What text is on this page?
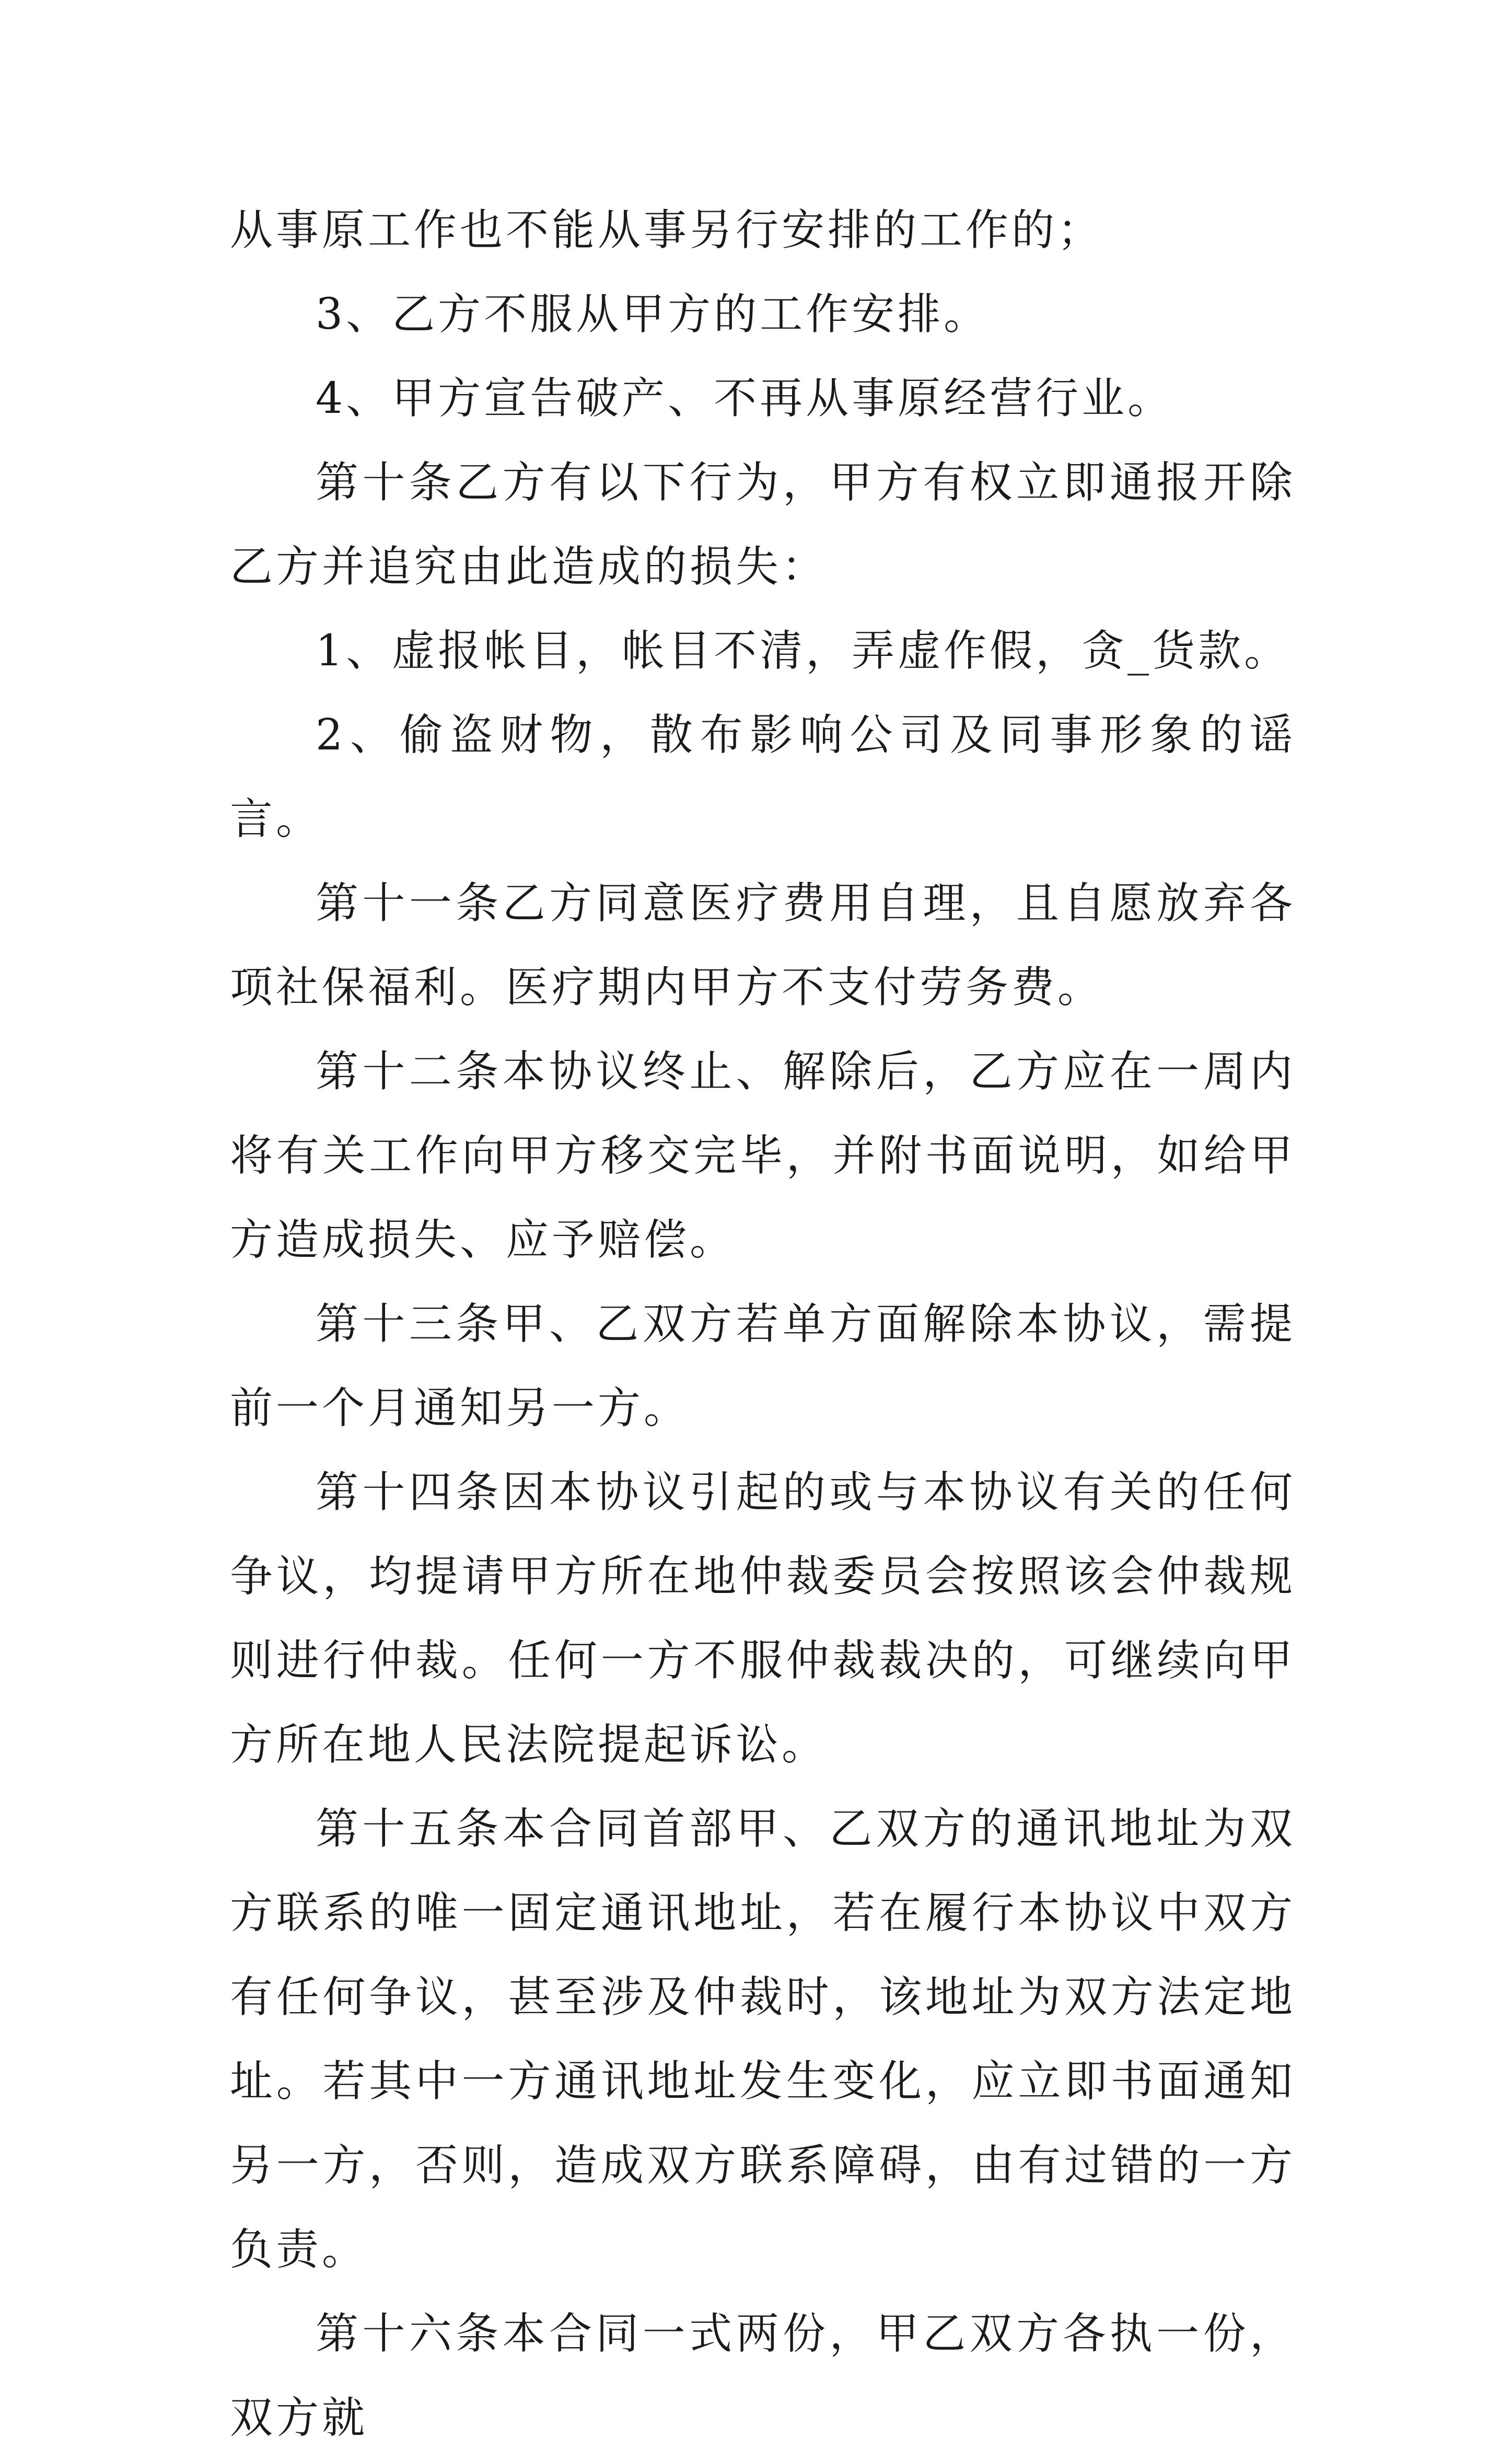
从事原工作也不能从事另行安排的工作的；

3、乙方不服从甲方的工作安排。

4、甲方宣告破产、不再从事原经营行业。

第十条乙方有以下行为，甲方有权立即通报开除乙方并追究由此造成的损失：

1、虚报帐目，帐目不清，弄虚作假，贪_货款。

2、偷盗财物，散布影响公司及同事形象的谣言。

第十一条乙方同意医疗费用自理，且自愿放弃各项社保福利。医疗期内甲方不支付劳务费。

第十二条本协议终止、解除后，乙方应在一周内将有关工作向甲方移交完毕，并附书面说明，如给甲方造成损失、应予赔偿。

第十三条甲、乙双方若单方面解除本协议，需提前一个月通知另一方。

第十四条因本协议引起的或与本协议有关的任何争议，均提请甲方所在地仲裁委员会按照该会仲裁规则进行仲裁。任何一方不服仲裁裁决的，可继续向甲方所在地人民法院提起诉讼。

第十五条本合同首部甲、乙双方的通讯地址为双方联系的唯一固定通讯地址，若在履行本协议中双方有任何争议，甚至涉及仲裁时，该地址为双方法定地址。若其中一方通讯地址发生变化，应立即书面通知另一方，否则，造成双方联系障碍，由有过错的一方负责。

第十六条本合同一式两份，甲乙双方各执一份，双方就
